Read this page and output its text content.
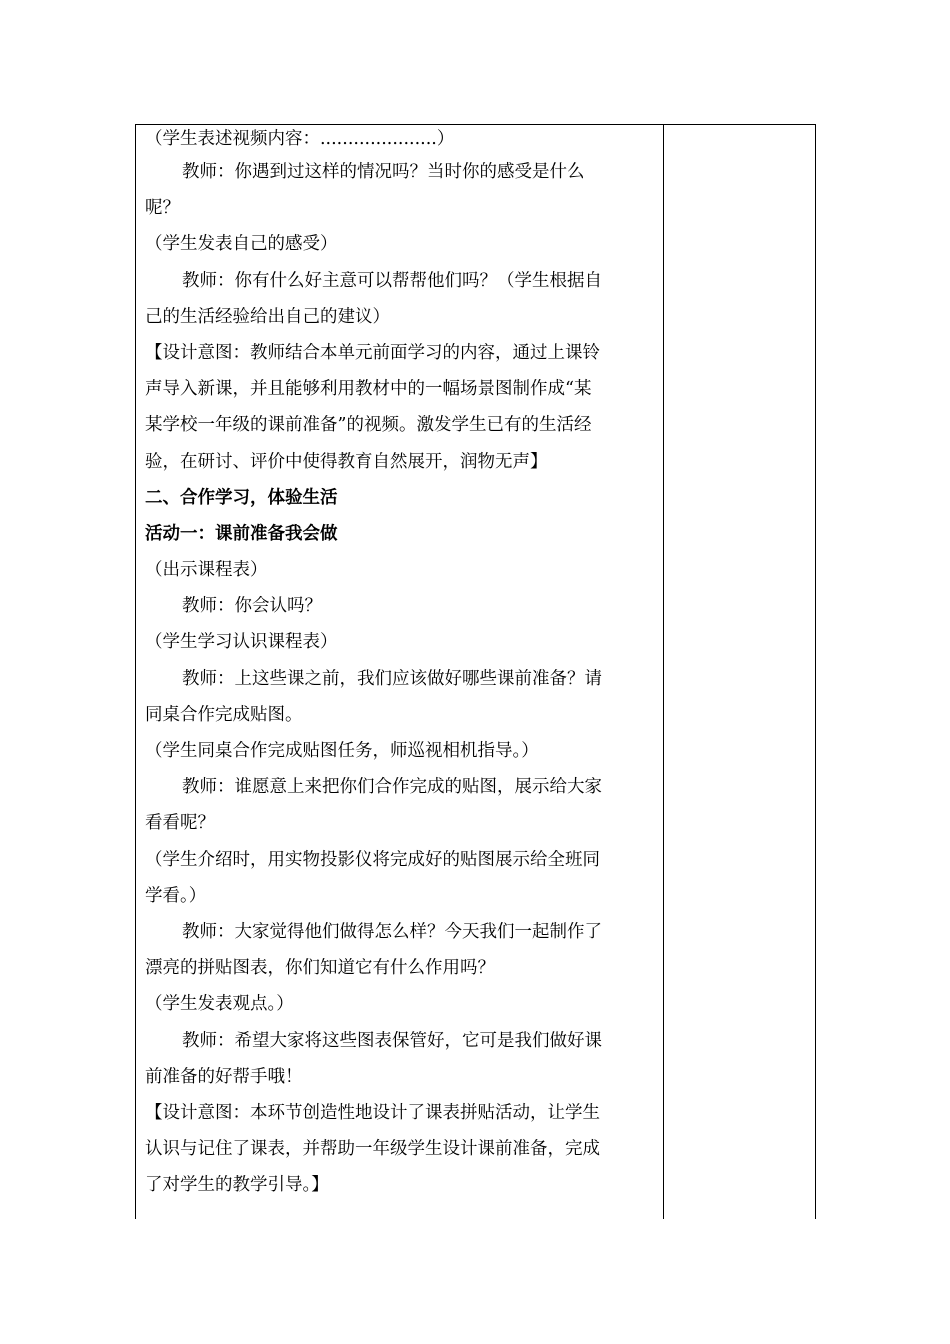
（学生表述视频内容：.....................）
教师：你遇到过这样的情况吗？当时你的感受是什么
呢？
（学生发表自己的感受）
教师：你有什么好主意可以帮帮他们吗？（学生根据自
己的生活经验给出自己的建议）
【设计意图：教师结合本单元前面学习的内容，通过上课铃
声导入新课，并且能够利用教材中的一幅场景图制作成“某
某学校一年级的课前准备”的视频。激发学生已有的生活经
验，在研讨、评价中使得教育自然展开，润物无声】
二、合作学习，体验生活
活动一：课前准备我会做
（出示课程表）
教师：你会认吗？
（学生学习认识课程表）
教师：上这些课之前，我们应该做好哪些课前准备？请
同桌合作完成贴图。
（学生同桌合作完成贴图任务，师巡视相机指导。）
教师：谁愿意上来把你们合作完成的贴图，展示给大家
看看呢？
（学生介绍时，用实物投影仪将完成好的贴图展示给全班同
学看。）
教师：大家觉得他们做得怎么样？今天我们一起制作了
漂亮的拼贴图表，你们知道它有什么作用吗？
（学生发表观点。）
教师：希望大家将这些图表保管好，它可是我们做好课
前准备的好帮手哦！
【设计意图：本环节创造性地设计了课表拼贴活动，让学生
认识与记住了课表，并帮助一年级学生设计课前准备，完成
了对学生的教学引导。】
